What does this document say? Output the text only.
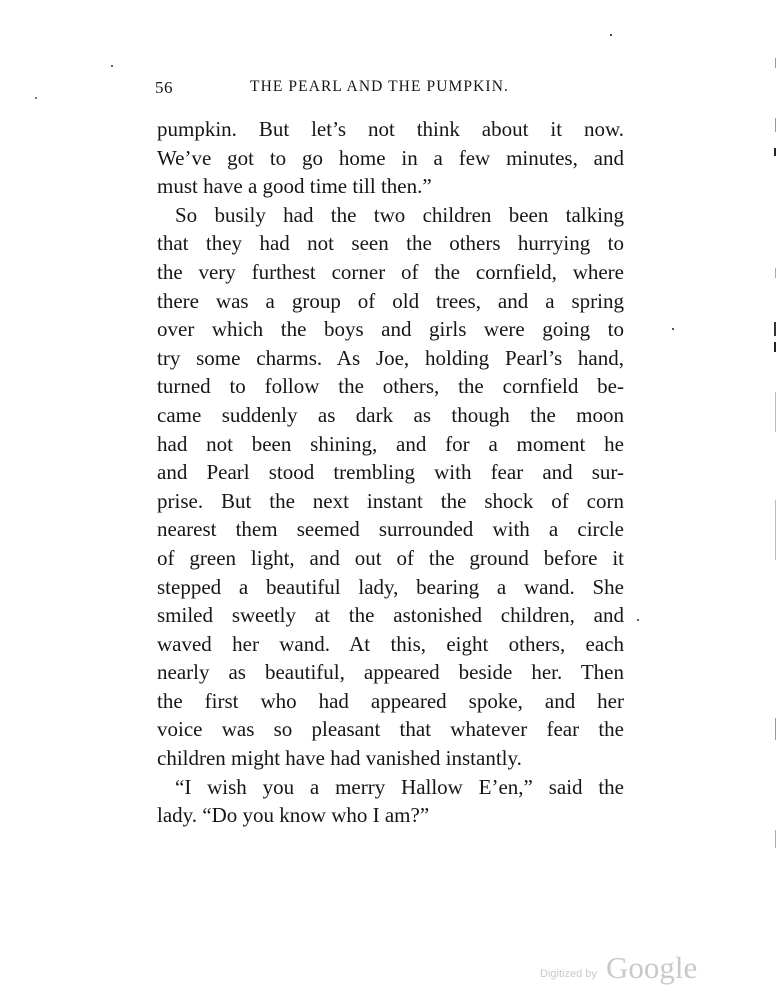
56	THE PEARL AND THE PUMPKIN.
pumpkin. But let’s not think about it now.
We’ve got to go home in a few minutes, and
must have a good time till then.”
So busily had the two children been talking
that they had not seen the others hurrying to
the very furthest corner of the cornfield, where
there was a group of old trees, and a spring
over which the boys and girls were going to
try some charms. As Joe, holding Pearl’s hand,
turned to follow the others, the cornfield be-
came suddenly as dark as though the moon
had not been shining, and for a moment he
and Pearl stood trembling with fear and sur-
prise. But the next instant the shock of corn
nearest them seemed surrounded with a circle
of green light, and out of the ground before it
stepped a beautiful lady, bearing a wand. She
smiled sweetly at the astonished children, and
waved her wand. At this, eight others, each
nearly as beautiful, appeared beside her. Then
the first who had appeared spoke, and her
voice was so pleasant that whatever fear the
children might have had vanished instantly.
“I wish you a merry Hallow E’en,” said the
lady. “Do you know who I am?”
Digitized by Google
